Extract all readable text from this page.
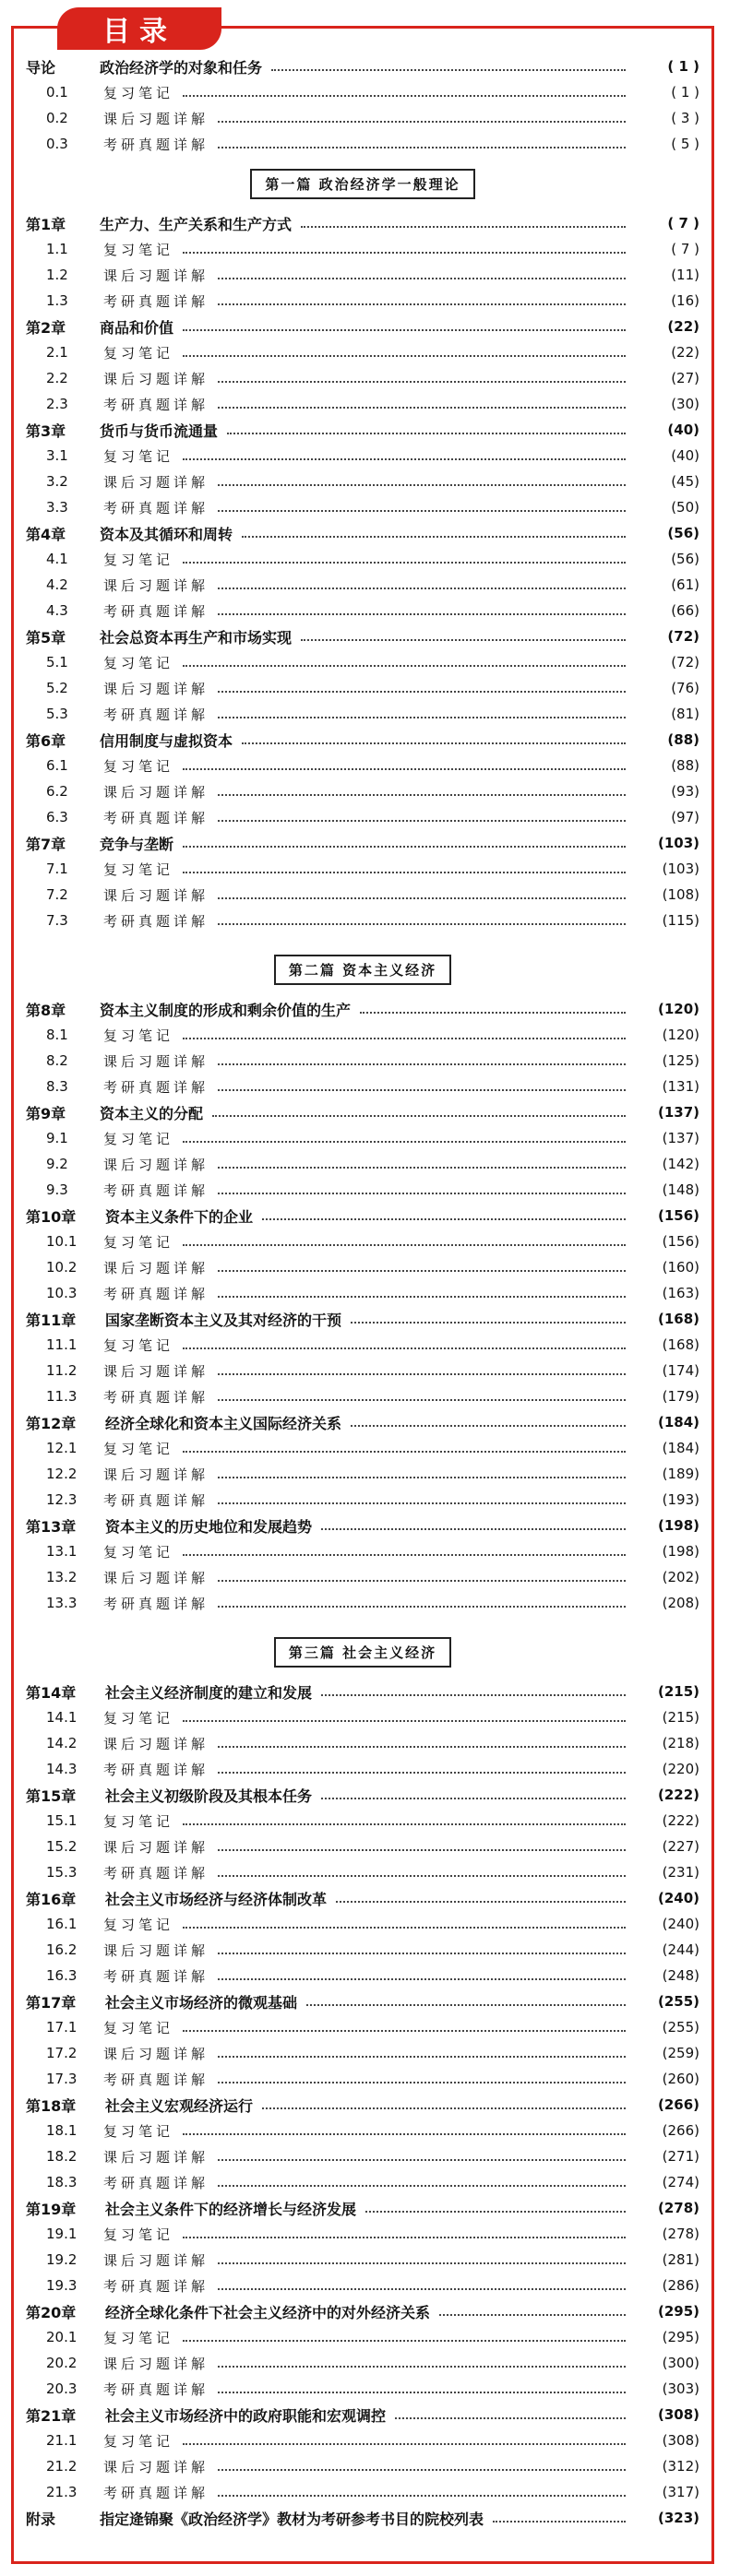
目录
导论	政治经济学的对象和任务	( 1 )
0.1	复习笔记	( 1 )
0.2	课后习题详解	( 3 )
0.3	考研真题详解	( 5 )
第一篇 政治经济学一般理论
第1章	生产力、生产关系和生产方式	( 7 )
1.1	复习笔记	( 7 )
1.2	课后习题详解	(11)
1.3	考研真题详解	(16)
第2章	商品和价值	(22)
2.1	复习笔记	(22)
2.2	课后习题详解	(27)
2.3	考研真题详解	(30)
第3章	货币与货币流通量	(40)
3.1	复习笔记	(40)
3.2	课后习题详解	(45)
3.3	考研真题详解	(50)
第4章	资本及其循环和周转	(56)
4.1	复习笔记	(56)
4.2	课后习题详解	(61)
4.3	考研真题详解	(66)
第5章	社会总资本再生产和市场实现	(72)
5.1	复习笔记	(72)
5.2	课后习题详解	(76)
5.3	考研真题详解	(81)
第6章	信用制度与虚拟资本	(88)
6.1	复习笔记	(88)
6.2	课后习题详解	(93)
6.3	考研真题详解	(97)
第7章	竞争与垄断	(103)
7.1	复习笔记	(103)
7.2	课后习题详解	(108)
7.3	考研真题详解	(115)
第二篇 资本主义经济
第8章	资本主义制度的形成和剩余价值的生产	(120)
8.1	复习笔记	(120)
8.2	课后习题详解	(125)
8.3	考研真题详解	(131)
第9章	资本主义的分配	(137)
9.1	复习笔记	(137)
9.2	课后习题详解	(142)
9.3	考研真题详解	(148)
第10章	资本主义条件下的企业	(156)
10.1	复习笔记	(156)
10.2	课后习题详解	(160)
10.3	考研真题详解	(163)
第11章	国家垄断资本主义及其对经济的干预	(168)
11.1	复习笔记	(168)
11.2	课后习题详解	(174)
11.3	考研真题详解	(179)
第12章	经济全球化和资本主义国际经济关系	(184)
12.1	复习笔记	(184)
12.2	课后习题详解	(189)
12.3	考研真题详解	(193)
第13章	资本主义的历史地位和发展趋势	(198)
13.1	复习笔记	(198)
13.2	课后习题详解	(202)
13.3	考研真题详解	(208)
第三篇 社会主义经济
第14章	社会主义经济制度的建立和发展	(215)
14.1	复习笔记	(215)
14.2	课后习题详解	(218)
14.3	考研真题详解	(220)
第15章	社会主义初级阶段及其根本任务	(222)
15.1	复习笔记	(222)
15.2	课后习题详解	(227)
15.3	考研真题详解	(231)
第16章	社会主义市场经济与经济体制改革	(240)
16.1	复习笔记	(240)
16.2	课后习题详解	(244)
16.3	考研真题详解	(248)
第17章	社会主义市场经济的微观基础	(255)
17.1	复习笔记	(255)
17.2	课后习题详解	(259)
17.3	考研真题详解	(260)
第18章	社会主义宏观经济运行	(266)
18.1	复习笔记	(266)
18.2	课后习题详解	(271)
18.3	考研真题详解	(274)
第19章	社会主义条件下的经济增长与经济发展	(278)
19.1	复习笔记	(278)
19.2	课后习题详解	(281)
19.3	考研真题详解	(286)
第20章	经济全球化条件下社会主义经济中的对外经济关系	(295)
20.1	复习笔记	(295)
20.2	课后习题详解	(300)
20.3	考研真题详解	(303)
第21章	社会主义市场经济中的政府职能和宏观调控	(308)
21.1	复习笔记	(308)
21.2	课后习题详解	(312)
21.3	考研真题详解	(317)
附录	指定逄锦聚《政治经济学》教材为考研参考书目的院校列表	(323)
